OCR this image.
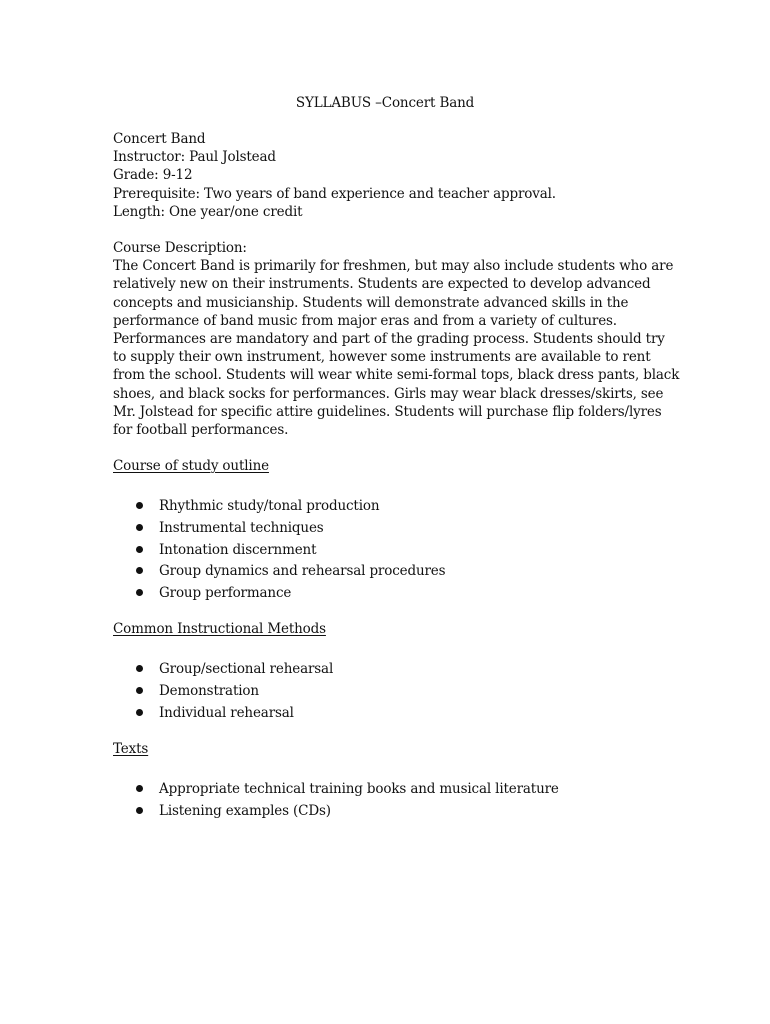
SYLLABUS –Concert Band
Concert Band
Instructor: Paul Jolstead
Grade: 9-12
Prerequisite: Two years of band experience and teacher approval.
Length: One year/one credit
Course Description:
The Concert Band is primarily for freshmen, but may also include students who are
relatively new on their instruments. Students are expected to develop advanced
concepts and musicianship. Students will demonstrate advanced skills in the
performance of band music from major eras and from a variety of cultures.
Performances are mandatory and part of the grading process. Students should try
to supply their own instrument, however some instruments are available to rent
from the school. Students will wear white semi-formal tops, black dress pants, black
shoes, and black socks for performances. Girls may wear black dresses/skirts, see
Mr. Jolstead for specific attire guidelines. Students will purchase flip folders/lyres
for football performances.
Course of study outline
Rhythmic study/tonal production
Instrumental techniques
Intonation discernment
Group dynamics and rehearsal procedures
Group performance
Common Instructional Methods
Group/sectional rehearsal
Demonstration
Individual rehearsal
Texts
Appropriate technical training books and musical literature
Listening examples (CDs)
